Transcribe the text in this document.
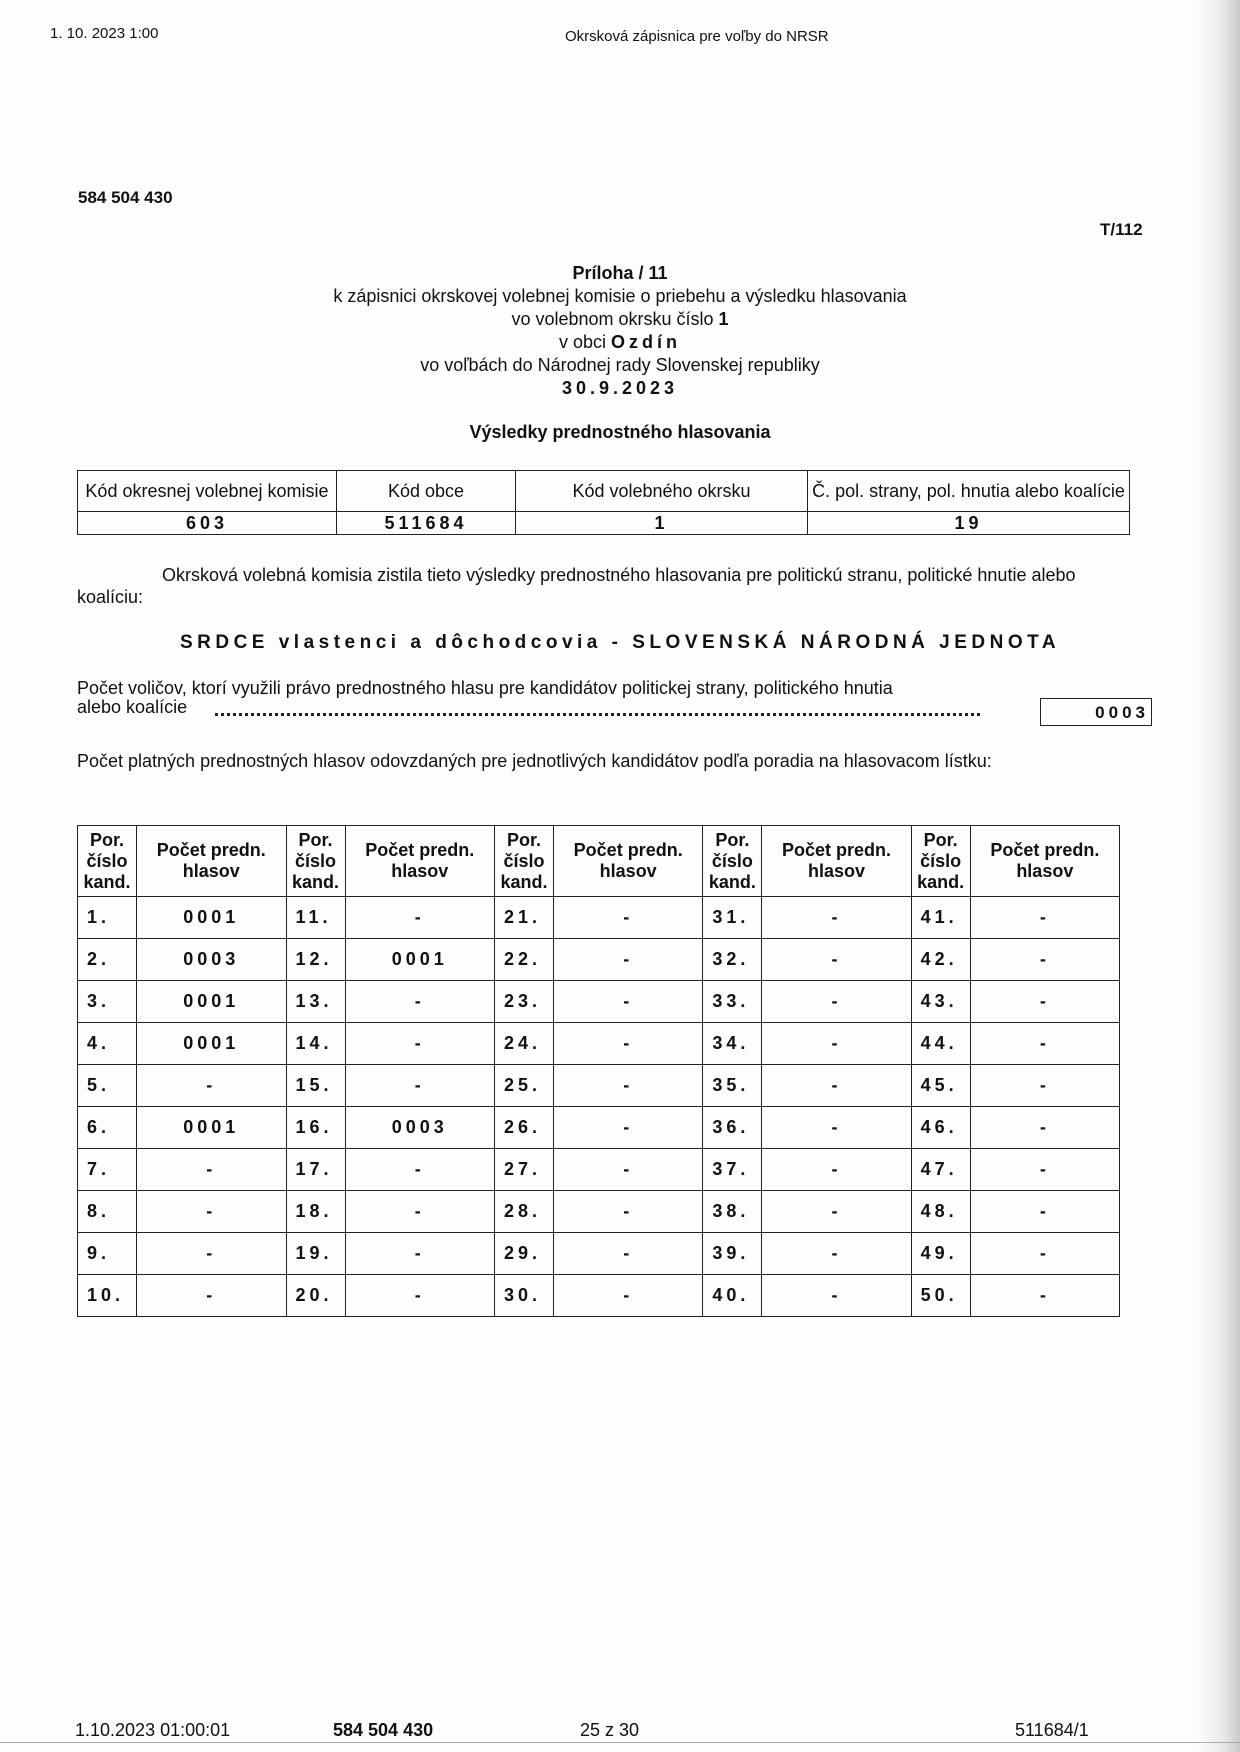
1. 10. 2023 1:00	Okrsková zápisnica pre voľby do NRSR
584 504 430
T/112
Príloha / 11
k zápisnici okrskovej volebnej komisie o priebehu a výsledku hlasovania
vo volebnom okrsku číslo 1
v obci Ozdín
vo voľbách do Národnej rady Slovenskej republiky
30.9.2023
Výsledky prednostného hlasovania
Kód okresnej volebnej komisie	Kód obce	Kód volebného okrsku	Č. pol. strany, pol. hnutia alebo koalície
603	511684	1	19
Okrsková volebná komisia zistila tieto výsledky prednostného hlasovania pre politickú stranu, politické hnutie alebo koalíciu:
SRDCE vlastenci a dôchodcovia - SLOVENSKÁ NÁRODNÁ JEDNOTA
Počet voličov, ktorí využili právo prednostného hlasu pre kandidátov politickej strany, politického hnutia
alebo koalície	0003
Počet platných prednostných hlasov odovzdaných pre jednotlivých kandidátov podľa poradia na hlasovacom lístku:
Por. číslo kand.	Počet predn. hlasov	Por. číslo kand.	Počet predn. hlasov	Por. číslo kand.	Počet predn. hlasov	Por. číslo kand.	Počet predn. hlasov	Por. číslo kand.	Počet predn. hlasov
1.	0001	11.	-	21.	-	31.	-	41.	-
2.	0003	12.	0001	22.	-	32.	-	42.	-
3.	0001	13.	-	23.	-	33.	-	43.	-
4.	0001	14.	-	24.	-	34.	-	44.	-
5.	-	15.	-	25.	-	35.	-	45.	-
6.	0001	16.	0003	26.	-	36.	-	46.	-
7.	-	17.	-	27.	-	37.	-	47.	-
8.	-	18.	-	28.	-	38.	-	48.	-
9.	-	19.	-	29.	-	39.	-	49.	-
10.	-	20.	-	30.	-	40.	-	50.	-
1.10.2023 01:00:01	584 504 430	25 z 30	511684/1
